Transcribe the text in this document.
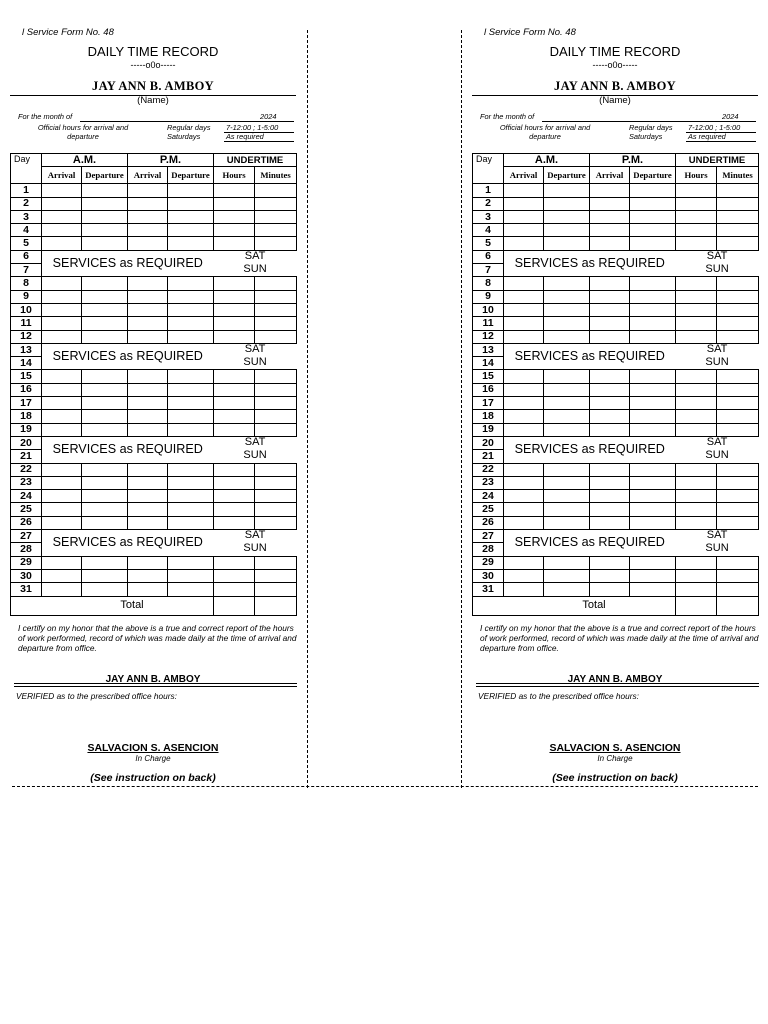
l Service Form No. 48
DAILY TIME RECORD
-----o0o-----
JAY ANN B. AMBOY
(Name)
For the month of	2024
Official hours for arrival and
departure
Regular days 7-12:00 ; 1-5:00
Saturdays	As required
Day	A.M.		P.M.		UNDERTIME	
	Arrival	Departure	Arrival	Departure	Hours	Minutes
1						
2						
3						
4						
5						
6	SERVICES as REQUIRED				SAT	
7					SUN	
8						
9						
10						
11						
12						
13	SERVICES as REQUIRED				SAT	
14					SUN	
15						
16						
17						
18						
19						
20	SERVICES as REQUIRED				SAT	
21					SUN	
22						
23						
24						
25						
26						
27	SERVICES as REQUIRED				SAT	
28					SUN	
29						
30						
31						
Total						
I certify on my honor that the above is a true and correct report of the hours of work performed, record of which was made daily at the time of arrival and departure from office.
JAY ANN B. AMBOY
VERIFIED as to the prescribed office hours:
SALVACION S. ASENCION
In Charge
(See instruction on back)
l Service Form No. 48
DAILY TIME RECORD
-----o0o-----
JAY ANN B. AMBOY
(Name)
For the month of	2024
Official hours for arrival and
departure
Regular days 7-12:00 ; 1-5:00
Saturdays	As required
Day	A.M.		P.M.		UNDERTIME	
	Arrival	Departure	Arrival	Departure	Hours	Minutes
1						
2						
3						
4						
5						
6	SERVICES as REQUIRED				SAT	
7					SUN	
8						
9						
10						
11						
12						
13	SERVICES as REQUIRED				SAT	
14					SUN	
15						
16						
17						
18						
19						
20	SERVICES as REQUIRED				SAT	
21					SUN	
22						
23						
24						
25						
26						
27	SERVICES as REQUIRED				SAT	
28					SUN	
29						
30						
31						
Total						
I certify on my honor that the above is a true and correct report of the hours of work performed, record of which was made daily at the time of arrival and departure from office.
JAY ANN B. AMBOY
VERIFIED as to the prescribed office hours:
SALVACION S. ASENCION
In Charge
(See instruction on back)
